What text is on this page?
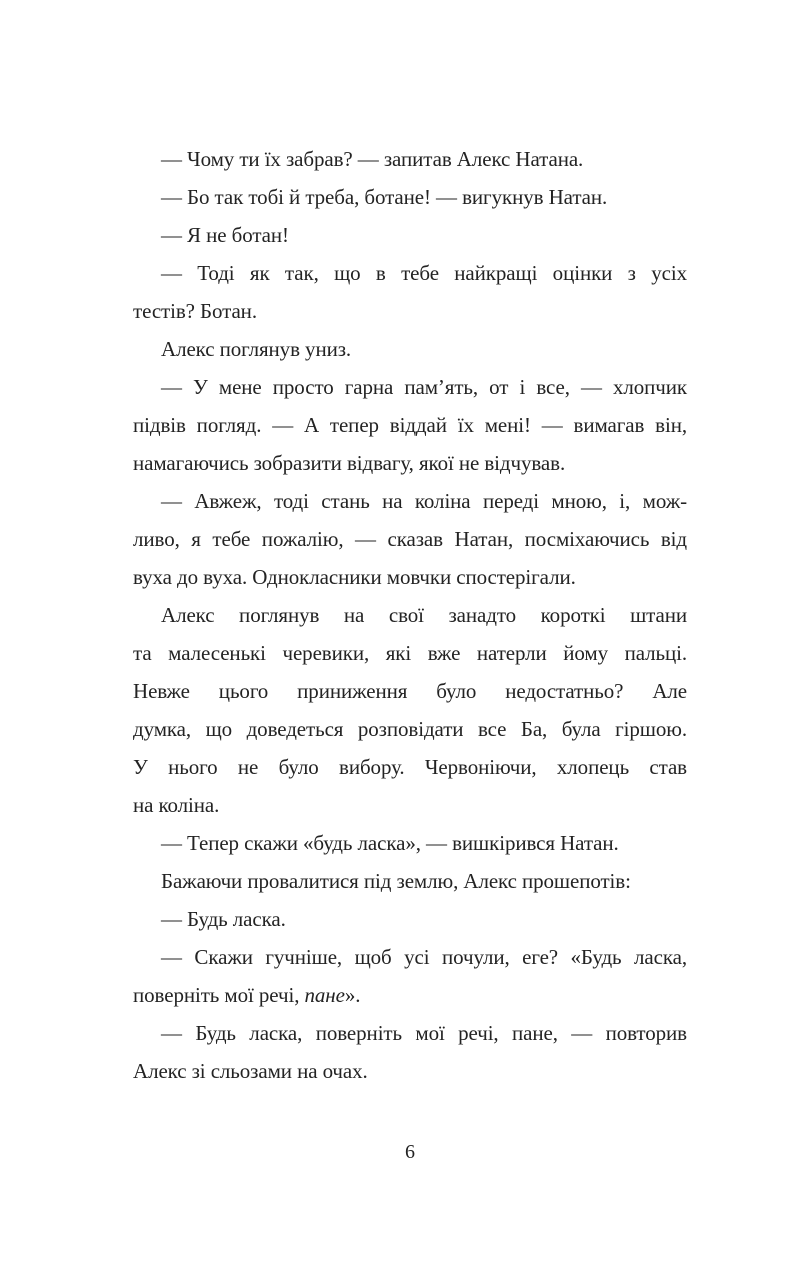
— Чому ти їх забрав? — запитав Алекс Натана.
— Бо так тобі й треба, ботане! — вигукнув Натан.
— Я не ботан!
— Тоді як так, що в тебе найкращі оцінки з усіх
тестів? Ботан.
Алекс поглянув униз.
— У мене просто гарна пам’ять, от і все, — хлопчик
підвів погляд. — А тепер віддай їх мені! — вимагав він,
намагаючись зобразити відвагу, якої не відчував.
— Авжеж, тоді стань на коліна переді мною, і, мож-
ливо, я тебе пожалію, — сказав Натан, посміхаючись від
вуха до вуха. Однокласники мовчки спостерігали.
Алекс поглянув на свої занадто короткі штани
та малесенькі черевики, які вже натерли йому пальці.
Невже цього приниження було недостатньо? Але
думка, що доведеться розповідати все Ба, була гіршою.
У нього не було вибору. Червоніючи, хлопець став
на коліна.
— Тепер скажи «будь ласка», — вишкірився Натан.
Бажаючи провалитися під землю, Алекс прошепотів:
— Будь ласка.
— Скажи гучніше, щоб усі почули, еге? «Будь ласка,
поверніть мої речі, пане».
— Будь ласка, поверніть мої речі, пане, — повторив
Алекс зі сльозами на очах.
6
